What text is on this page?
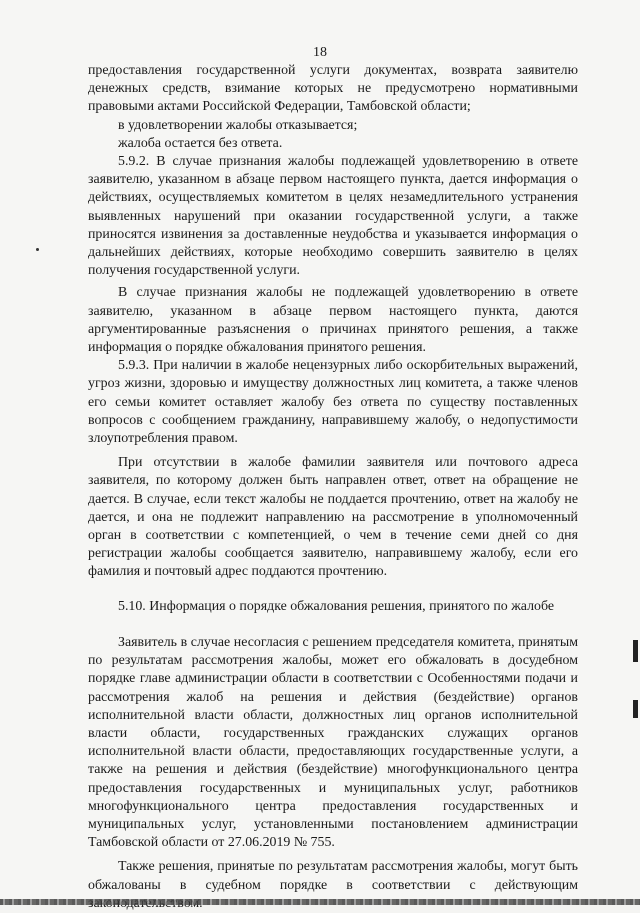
18

предоставления государственной услуги документах, возврата заявителю денежных средств, взимание которых не предусмотрено нормативными правовыми актами Российской Федерации, Тамбовской области;

в удовлетворении жалобы отказывается;

жалоба остается без ответа.

5.9.2. В случае признания жалобы подлежащей удовлетворению в ответе заявителю, указанном в абзаце первом настоящего пункта, дается информация о действиях, осуществляемых комитетом в целях незамедлительного устранения выявленных нарушений при оказании государственной услуги, а также приносятся извинения за доставленные неудобства и указывается информация о дальнейших действиях, которые необходимо совершить заявителю в целях получения государственной услуги.

В случае признания жалобы не подлежащей удовлетворению в ответе заявителю, указанном в абзаце первом настоящего пункта, даются аргументированные разъяснения о причинах принятого решения, а также информация о порядке обжалования принятого решения.

5.9.3. При наличии в жалобе нецензурных либо оскорбительных выражений, угроз жизни, здоровью и имуществу должностных лиц комитета, а также членов его семьи комитет оставляет жалобу без ответа по существу поставленных вопросов с сообщением гражданину, направившему жалобу, о недопустимости злоупотребления правом.

При отсутствии в жалобе фамилии заявителя или почтового адреса заявителя, по которому должен быть направлен ответ, ответ на обращение не дается. В случае, если текст жалобы не поддается прочтению, ответ на жалобу не дается, и она не подлежит направлению на рассмотрение в уполномоченный орган в соответствии с компетенцией, о чем в течение семи дней со дня регистрации жалобы сообщается заявителю, направившему жалобу, если его фамилия и почтовый адрес поддаются прочтению.

5.10. Информация о порядке обжалования решения, принятого по жалобе

Заявитель в случае несогласия с решением председателя комитета, принятым по результатам рассмотрения жалобы, может его обжаловать в досудебном порядке главе администрации области в соответствии с Особенностями подачи и рассмотрения жалоб на решения и действия (бездействие) органов исполнительной власти области, должностных лиц органов исполнительной власти области, государственных гражданских служащих органов исполнительной власти области, предоставляющих государственные услуги, а также на решения и действия (бездействие) многофункционального центра предоставления государственных и муниципальных услуг, работников многофункционального центра предоставления государственных и муниципальных услуг, установленными постановлением администрации Тамбовской области от 27.06.2019 № 755.

Также решения, принятые по результатам рассмотрения жалобы, могут быть обжалованы в судебном порядке в соответствии с действующим
